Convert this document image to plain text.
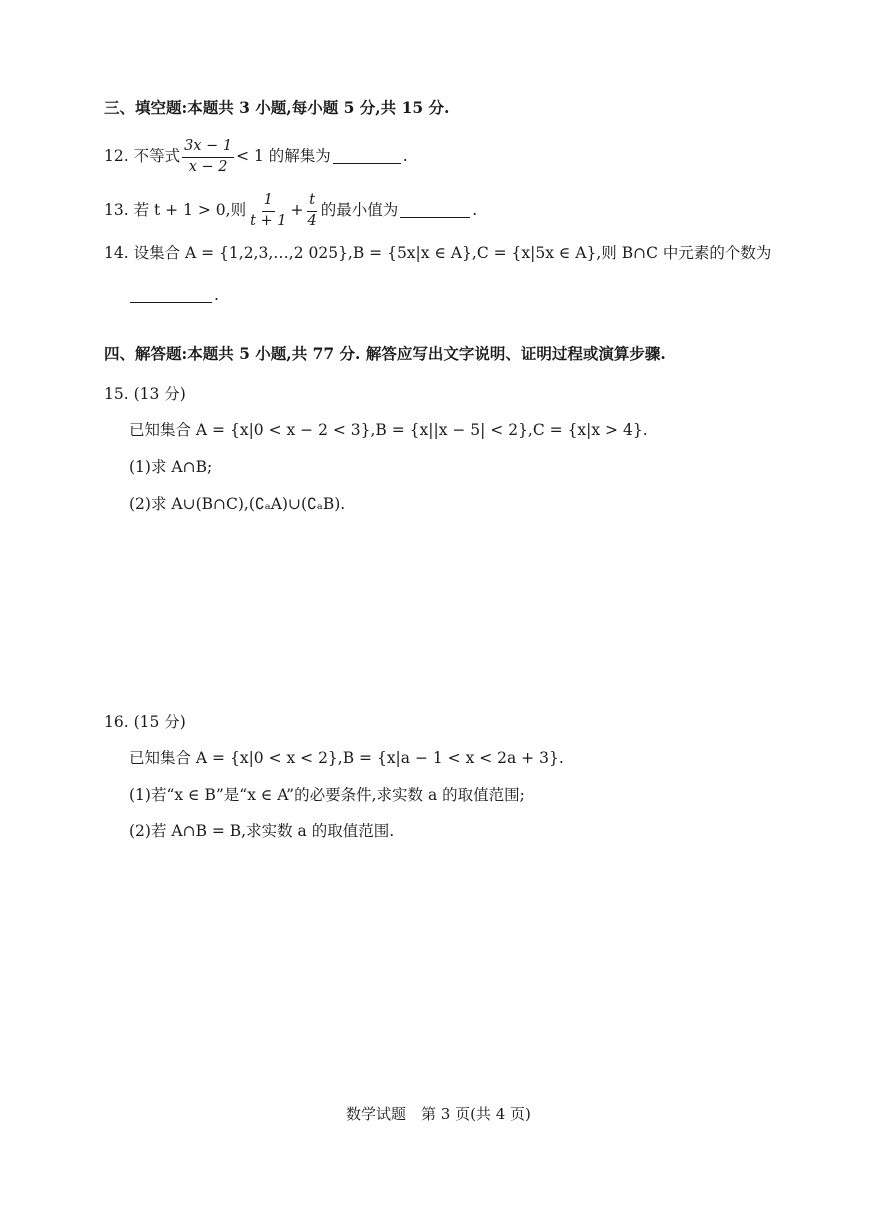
三、填空题:本题共 3 小题,每小题 5 分,共 15 分.
12. 不等式 $\frac{3x - 1}{x - 2} < 1$ 的解集为	.
13. 若 t + 1 > 0,则 $\frac{1}{t + 1} + \frac{t}{4}$ 的最小值为	.
14. 设集合 A = {1,2,3,…,2 025},B = {5x|x ∈ A},C = {x|5x ∈ A},则 B∩C 中元素的个数为
.
四、解答题:本题共 5 小题,共 77 分. 解答应写出文字说明、证明过程或演算步骤.
15. (13 分)
已知集合 A = {x|0 < x − 2 < 3},B = {x||x − 5| < 2},C = {x|x > 4}.
(1)求 A∩B;
(2)求 A∪(B∩C),(∁ₐA)∪(∁ₐB).
16. (15 分)
已知集合 A = {x|0 < x < 2},B = {x|a − 1 < x < 2a + 3}.
(1)若“x ∈ B”是“x ∈ A”的必要条件,求实数 a 的取值范围;
(2)若 A∩B = B,求实数 a 的取值范围.
数学试题　第 3 页(共 4 页)
